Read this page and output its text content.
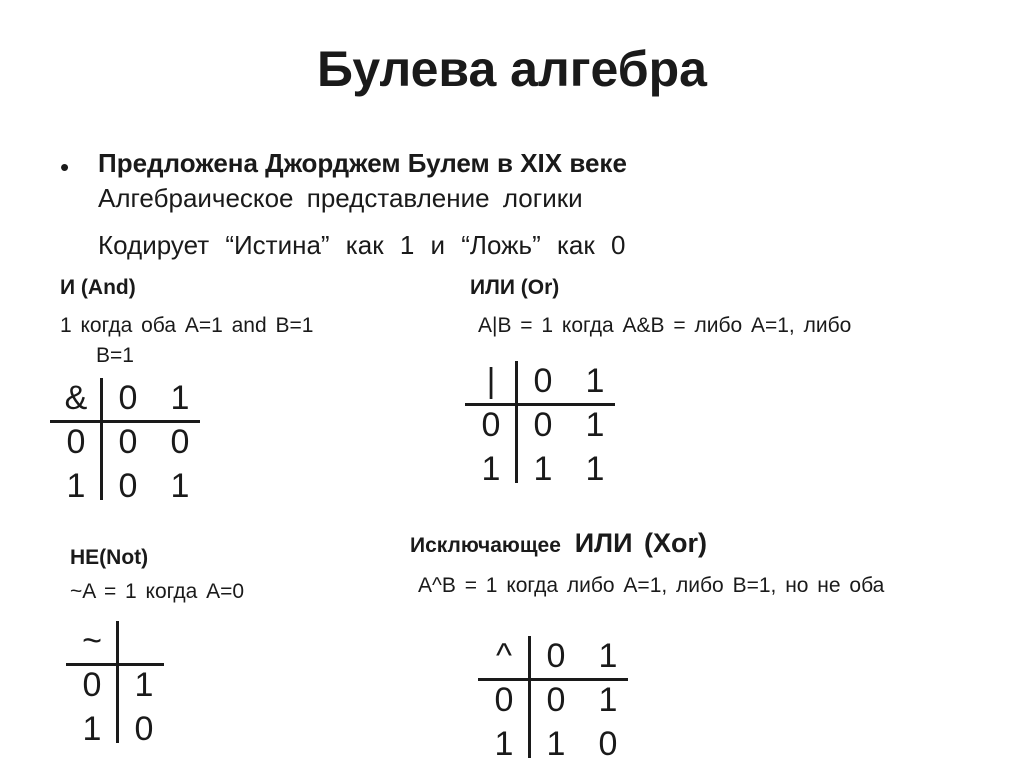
Булева алгебра
• Предложена Джорджем Булем в XIX веке
Алгебраическое представление логики
Кодирует “Истина” как 1 и “Ложь” как 0
И (And)
1 когда оба A=1 and B=1
B=1
& 0 1
0 0 0
1 0 1
ИЛИ (Or)
A|B = 1 когда A&B = либо A=1, либо
|	0 1
0 0 1
1 1 1
НЕ(Not)
~A = 1 когда A=0
~
0 1
1 0
Исключающее ИЛИ (Xor)
A^B = 1 когда либо A=1, либо B=1, но не оба
^	0 1
0 0 1
1 1 0
